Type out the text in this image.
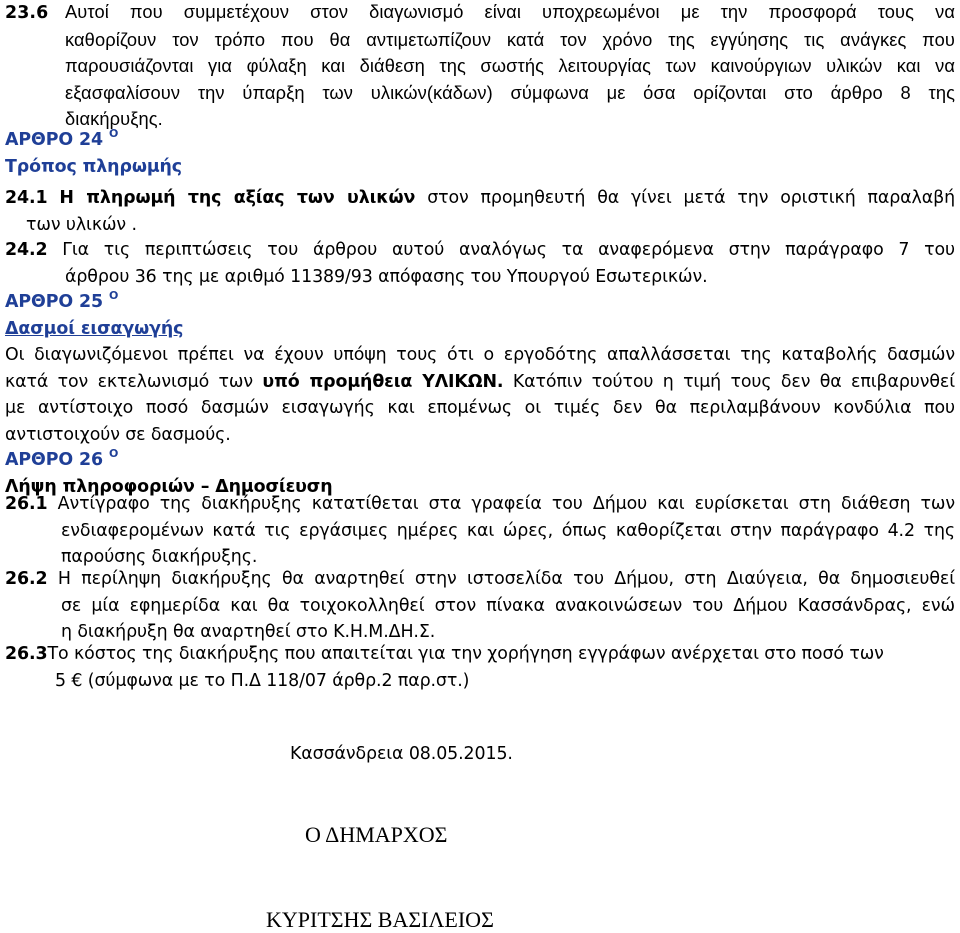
23.6 Αυτοί που συμμετέχουν στον διαγωνισμό είναι υποχρεωμένοι με την προσφορά τους να
καθορίζουν τον τρόπο που θα αντιμετωπίζουν κατά τον χρόνο της εγγύησης τις ανάγκες που
παρουσιάζονται για φύλαξη και διάθεση της σωστής λειτουργίας των καινούργιων υλικών και να
εξασφαλίσουν την ύπαρξη των υλικών(κάδων) σύμφωνα με όσα ορίζονται στο άρθρο 8 της
διακήρυξης.
ΑΡΘΡΟ 24 $^O$
Τρόπος πληρωμής
24.1 Η πληρωμή της αξίας των υλικών στον προμηθευτή θα γίνει μετά την οριστική παραλαβή
των υλικών .
24.2 Για τις περιπτώσεις του άρθρου αυτού αναλόγως τα αναφερόμενα στην παράγραφο 7 του
άρθρου 36 της με αριθμό 11389/93 απόφασης του Υπουργού Εσωτερικών.
ΑΡΘΡΟ 25 $^O$
Δασμοί εισαγωγής
Οι διαγωνιζόμενοι πρέπει να έχουν υπόψη τους ότι ο εργοδότης απαλλάσσεται της καταβολής δασμών
κατά τον εκτελωνισμό των υπό προμήθεια ΥΛΙΚΩΝ. Κατόπιν τούτου η τιμή τους δεν θα επιβαρυνθεί
με αντίστοιχο ποσό δασμών εισαγωγής και επομένως οι τιμές δεν θα περιλαμβάνουν κονδύλια που
αντιστοιχούν σε δασμούς.
ΑΡΘΡΟ 26 $^O$
Λήψη πληροφοριών – Δημοσίευση
26.1 Αντίγραφο της διακήρυξης κατατίθεται στα γραφεία του Δήμου και ευρίσκεται στη διάθεση των
ενδιαφερομένων κατά τις εργάσιμες ημέρες και ώρες, όπως καθορίζεται στην παράγραφο 4.2 της
παρούσης διακήρυξης.
26.2 Η περίληψη διακήρυξης θα αναρτηθεί στην ιστοσελίδα του Δήμου, στη Διαύγεια, θα δημοσιευθεί
σε μία εφημερίδα και θα τοιχοκολληθεί στον πίνακα ανακοινώσεων του Δήμου Κασσάνδρας, ενώ
η διακήρυξη θα αναρτηθεί στο Κ.Η.Μ.ΔΗ.Σ.
26.3Το κόστος της διακήρυξης που απαιτείται για την χορήγηση εγγράφων ανέρχεται στο ποσό των
5 € (σύμφωνα με το Π.Δ 118/07 άρθρ.2 παρ.στ.)
Κασσάνδρεια 08.05.2015.
Ο ΔΗΜΑΡΧΟΣ
ΚΥΡΙΤΣΗΣ ΒΑΣΙΛΕΙΟΣ
